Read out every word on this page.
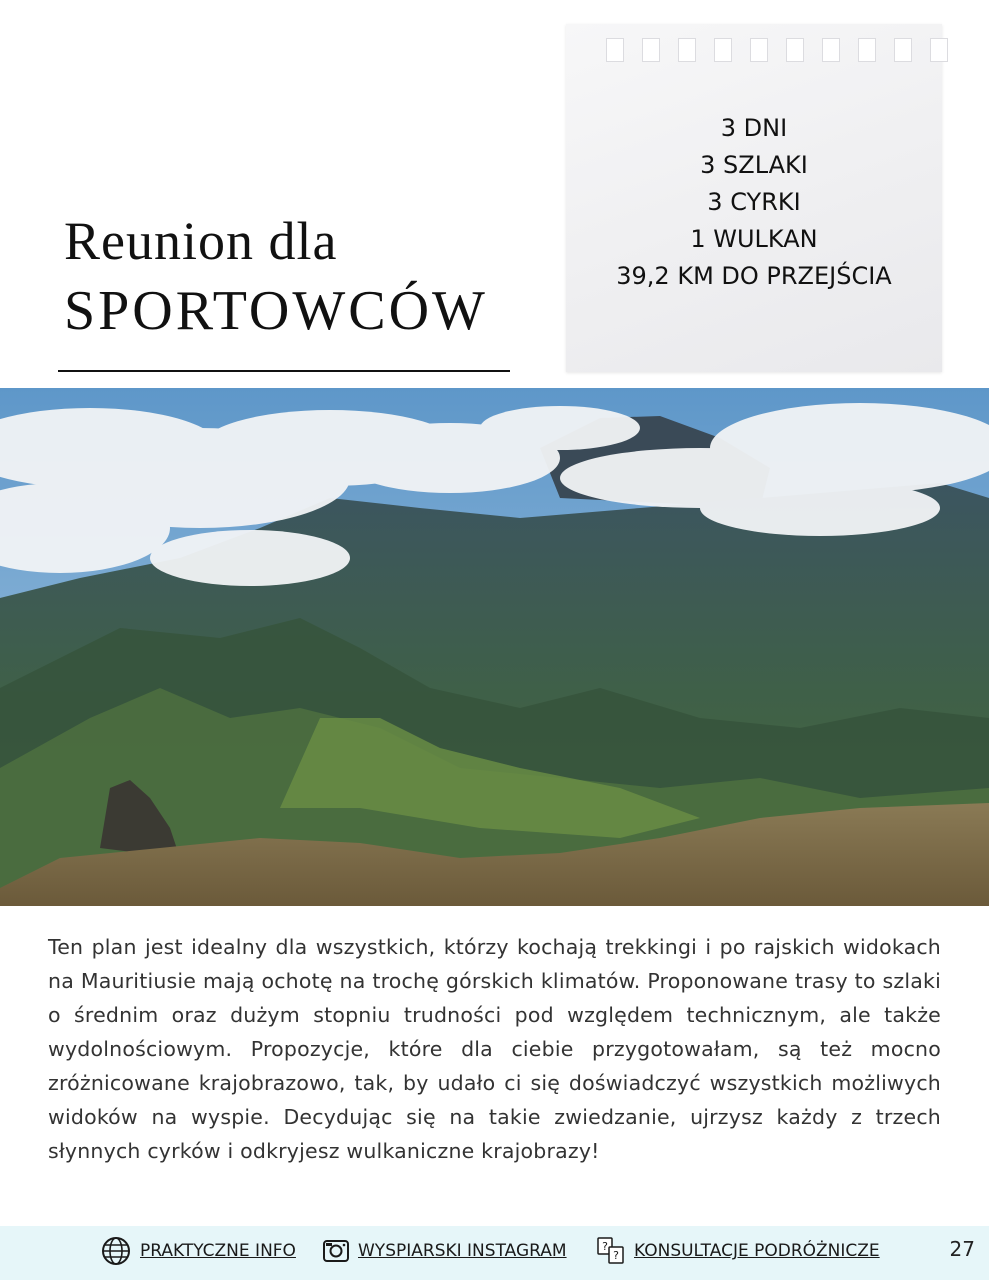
Reunion dla
SPORTOWCÓW
3 DNI
3 SZLAKI
3 CYRKI
1 WULKAN
39,2 KM DO PRZEJŚCIA
Ten plan jest idealny dla wszystkich, którzy kochają trekkingi i po rajskich widokach na Mauritiusie mają ochotę na trochę górskich klimatów. Proponowane trasy to szlaki o średnim oraz dużym stopniu trudności pod względem technicznym, ale także wydolnościowym. Propozycje, które dla ciebie przygotowałam, są też mocno zróżnicowane krajobrazowo, tak, by udało ci się doświadczyć wszystkich możliwych widoków na wyspie. Decydując się na takie zwiedzanie, ujrzysz każdy z trzech słynnych cyrków i odkryjesz wulkaniczne krajobrazy!
PRAKTYCZNE INFO	WYSPIARSKI INSTAGRAM	?
? KONSULTACJE PODRÓŻNICZE	27
